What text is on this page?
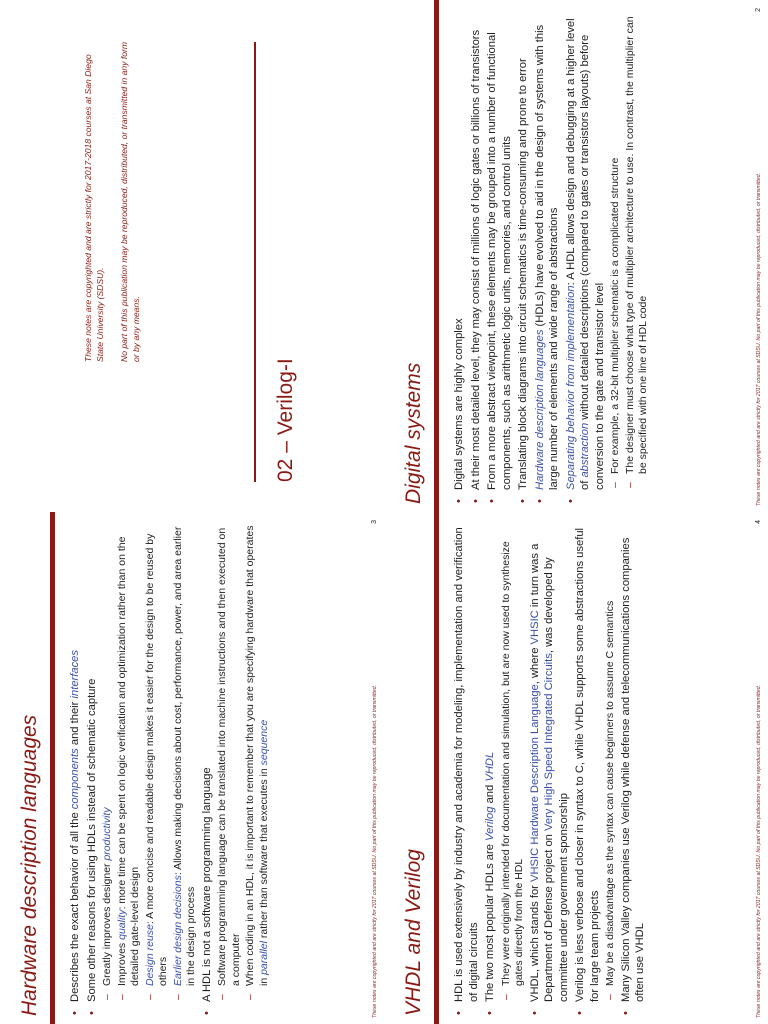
These notes are copyrighted and are strictly for 2017-2018 courses at San Diego State University (SDSU). No part of this publication may be reproduced, distributed, or transmitted in any form or by any means.
02 – Verilog-I	Digital systems	• Digital systems are highly complex • At their most detailed level, they may consist of millions of logic gates or billions of transistors • From a more abstract viewpoint, these elements may be grouped into a number of functional components, such as arithmetic logic units, memories, and control units • Translating block diagrams into circuit schematics is time-consuming and prone to error • Hardware description languages (HDLs) have evolved to aid in the design of systems with this large number of elements and wide range of abstractions • Separating behavior from implementation: A HDL allows design and debugging at a higher level of abstraction without detailed descriptions (compared to gates or transistors layouts) before conversion to the gate and transistor level – For example, a 32-bit multiplier schematic is a complicated structure – The designer must choose what type of multiplier architecture to use. In contrast, the multiplier can be specified with one line of HDL code	These notes are copyrighted and are strictly for 2017 courses at SDSU. No part of this publication may be reproduced, distributed, or transmitted.
2
Hardware description languages	• Describes the exact behavior of all the components and their interfaces
• Some other reasons for using HDLs instead of schematic capture – Greatly improves designer productivity
– Improves quality: more time can be spent on logic verification and optimization rather than on the detailed gate-level design – Design reuse: A more concise and readable design makes it easier for the design to be reused by others – Earlier design decisions: Allows making decisions about cost, performance, power, and area earlier in the design process • A HDL is not a software programming language – Software programming language can be translated into machine instructions and then executed on a computer – When coding in an HDL, it is important to remember that you are specifying hardware that operates in parallel rather than software that executes in sequence	These notes are copyrighted and are strictly for 2017 courses at SDSU. No part of this publication may be reproduced, distributed, or transmitted.
3
VHDL and Verilog	• HDL is used extensively by industry and academia for modeling, implementation and verification of digital circuits • The two most popular HDLs are Verilog and VHDL – They were originally intended for documentation and simulation, but are now used to synthesize gates directly from the HDL • VHDL, which stands for VHSIC Hardware Description Language, where VHSIC in turn was a Department of Defense project on Very High Speed Integrated Circuits, was developed by committee under government sponsorship • Verilog is less verbose and closer in syntax to C, while VHDL supports some abstractions useful for large team projects – May be a disadvantage as the syntax can cause beginners to assume C semantics • Many Silicon Valley companies use Verilog while defense and telecommunications companies often use VHDL	These notes are copyrighted and are strictly for 2017 courses at SDSU. No part of this publication may be reproduced, distributed, or transmitted.
4
